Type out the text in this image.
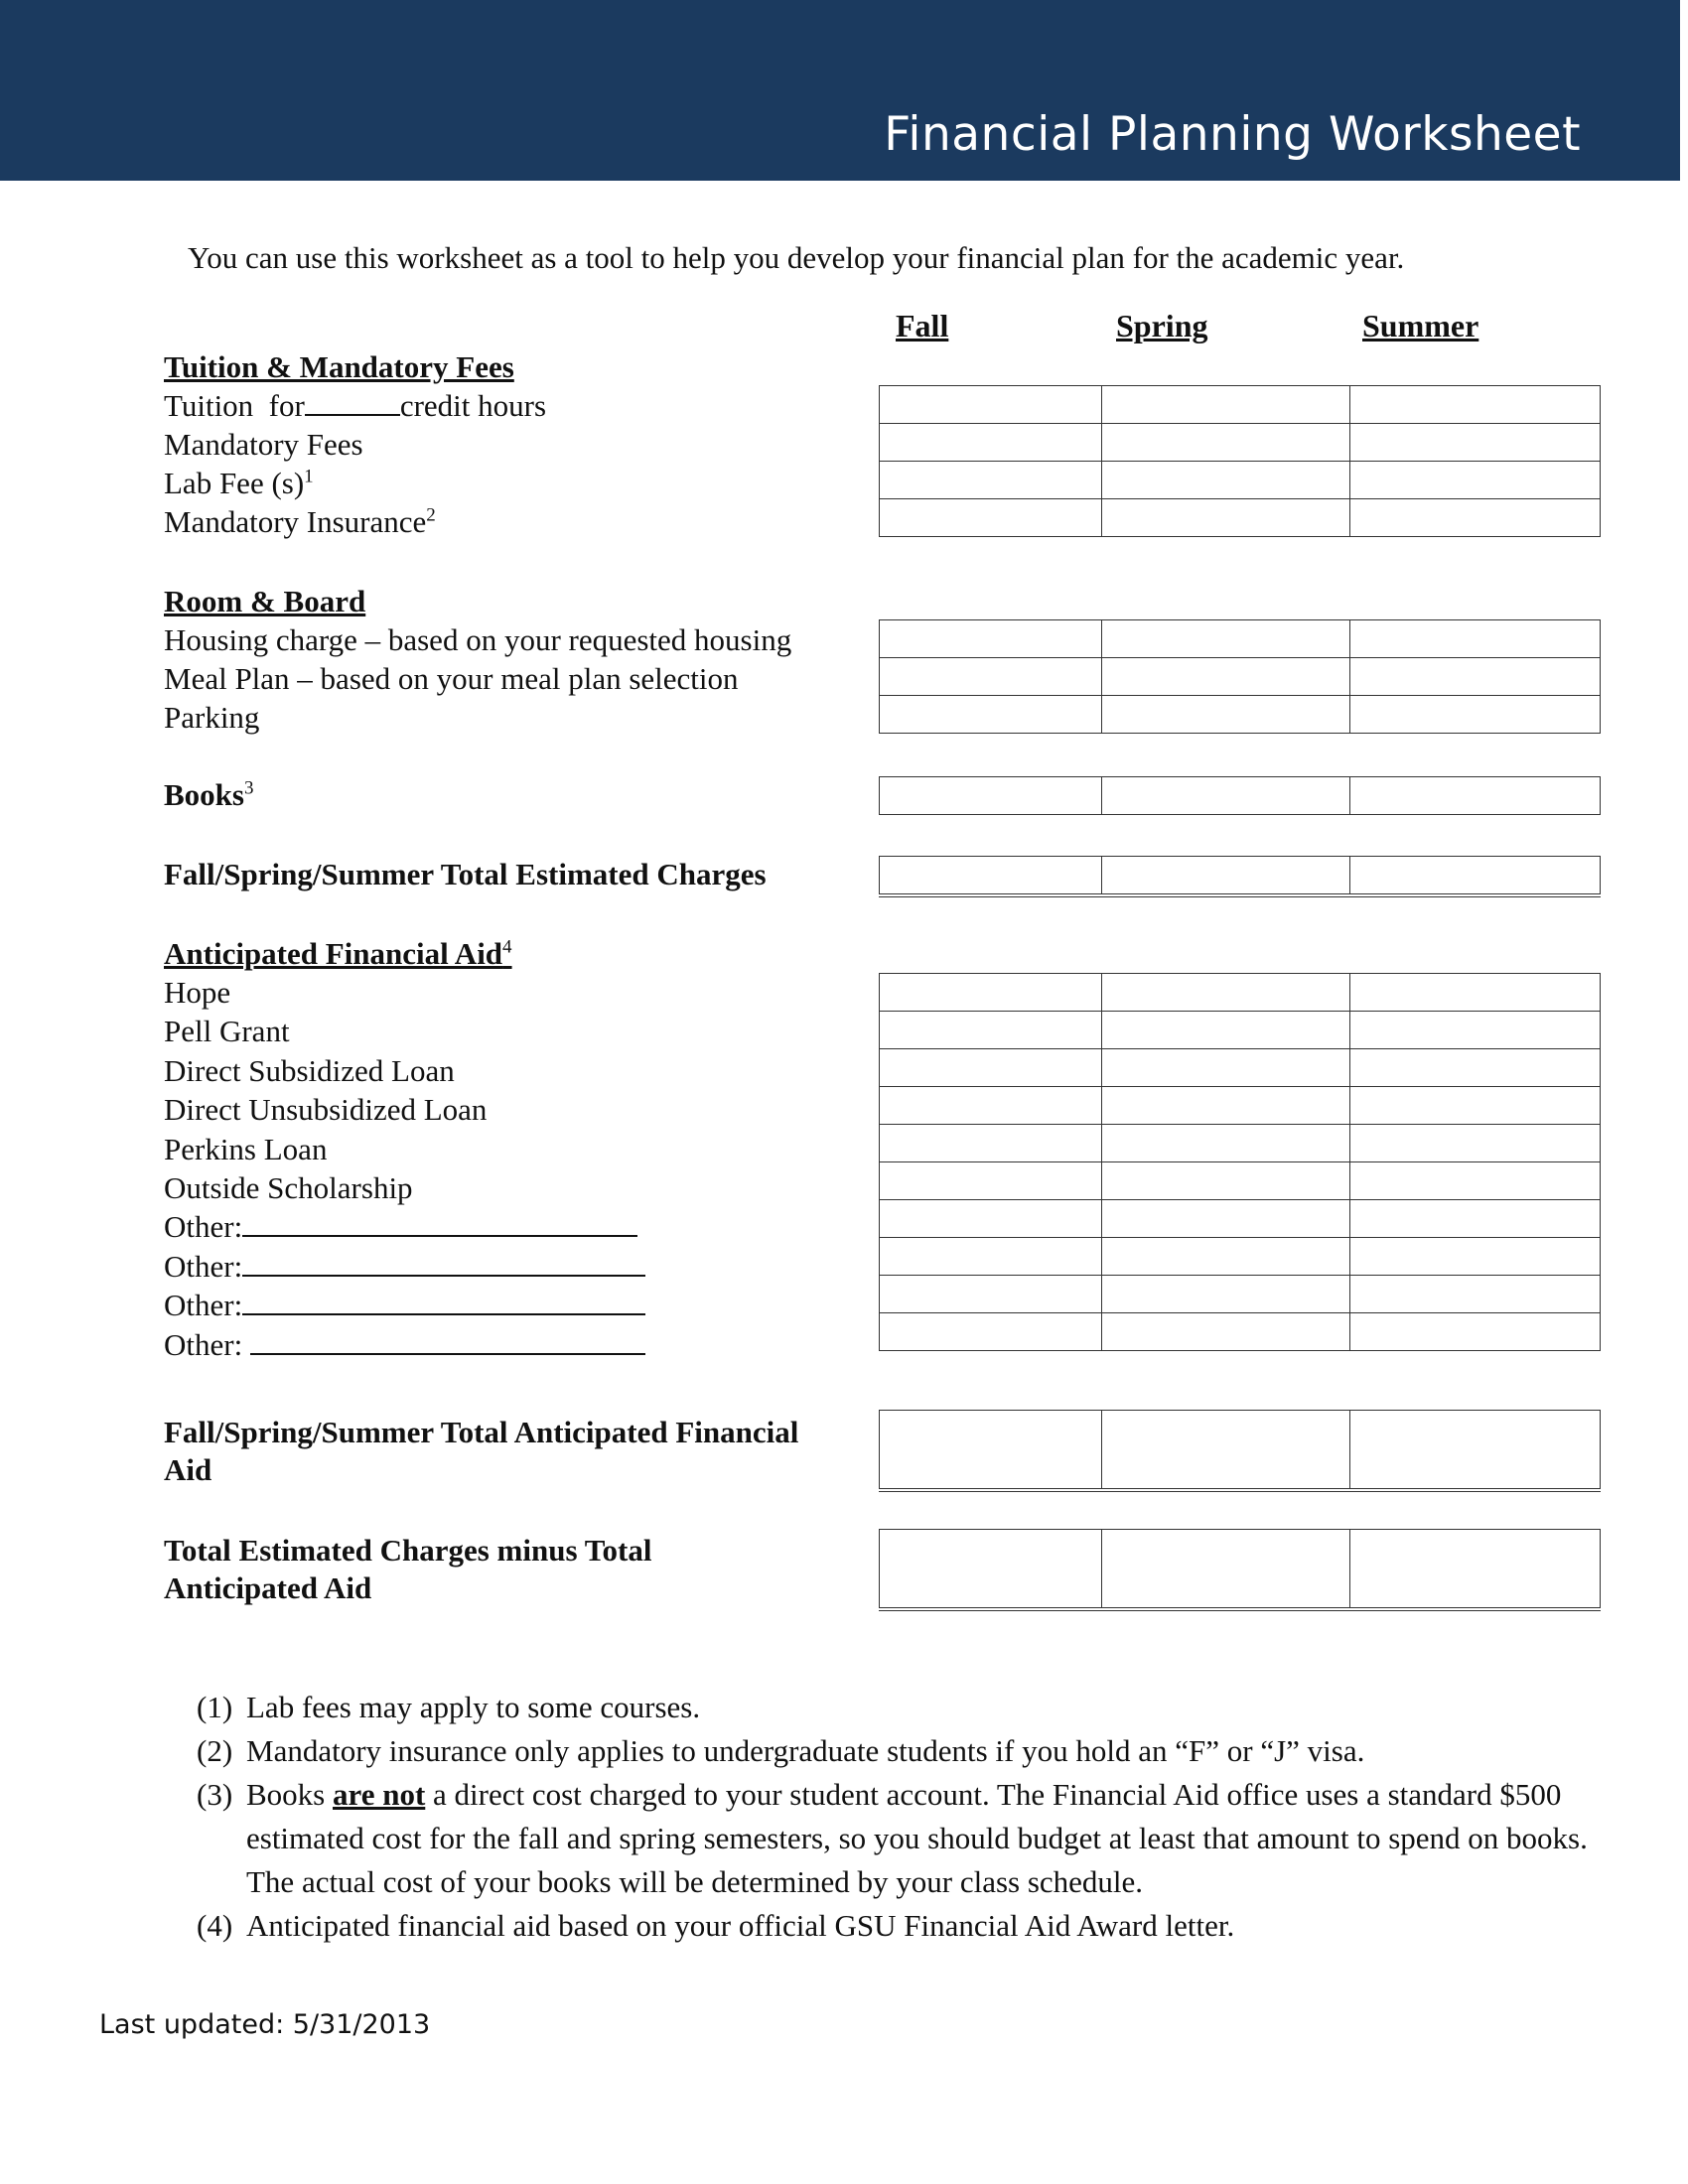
Financial Planning Worksheet
You can use this worksheet as a tool to help you develop your financial plan for the academic year.
Fall	Spring	Summer
Tuition & Mandatory Fees
Tuition  for	credit hours
Mandatory Fees
Lab Fee $(s)^1$
Mandatory Insurance$^2$

Room & Board
Housing charge – based on your requested housing
Meal Plan – based on your meal plan selection
Parking

Books$^3$

Fall/Spring/Summer Total Estimated Charges

Anticipated Financial Aid$^4$
Hope
Pell Grant
Direct Subsidized Loan
Direct Unsubsidized Loan
Perkins Loan
Outside Scholarship
Other:
Other:
Other:
Other:

Fall/Spring/Summer Total Anticipated Financial
Aid

Total Estimated Charges minus Total
Anticipated Aid

(1) Lab fees may apply to some courses.
(2) Mandatory insurance only applies to undergraduate students if you hold an “F” or “J” visa.
(3) Books are not a direct cost charged to your student account. The Financial Aid office uses a standard $500 estimated cost for the fall and spring semesters, so you should budget at least that amount to spend on books. The actual cost of your books will be determined by your class schedule.
(4) Anticipated financial aid based on your official GSU Financial Aid Award letter.
Last updated: 5/31/2013
